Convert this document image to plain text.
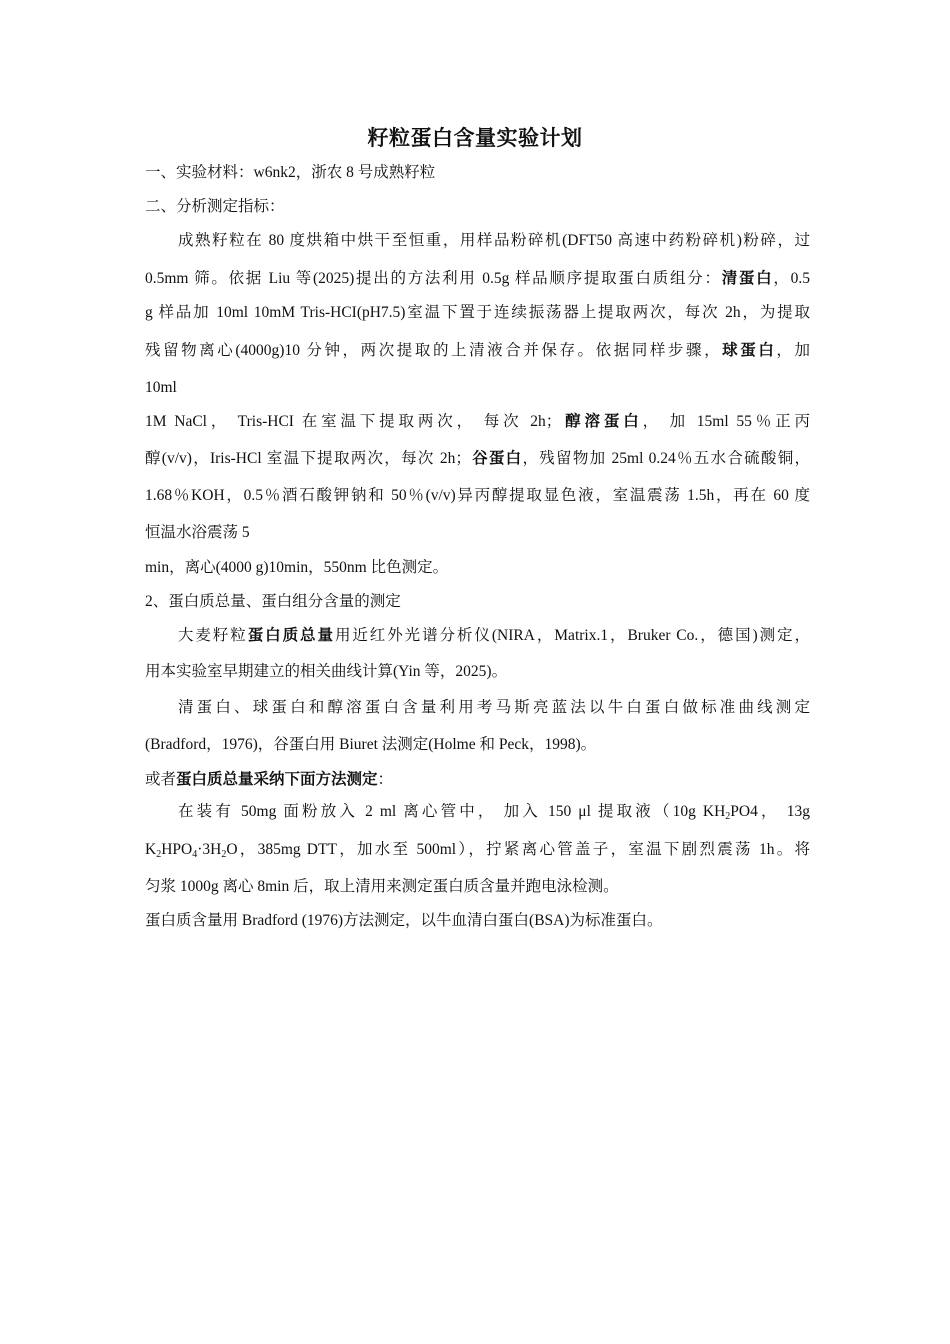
籽粒蛋白含量实验计划
一、实验材料：w6nk2，浙农 8 号成熟籽粒
二、分析测定指标：
成熟籽粒在 80 度烘箱中烘干至恒重，用样品粉碎机(DFT50 高速中药粉碎机)粉碎，过
0.5mm 筛。依据 Liu 等(2025)提出的方法利用 0.5g 样品顺序提取蛋白质组分：清蛋白，0.5
g 样品加 10ml 10mM Tris-HCI(pH7.5)室温下置于连续振荡器上提取两次，每次 2h，为提取
残留物离心(4000g)10 分钟，两次提取的上清液合并保存。依据同样步骤，球蛋白，加
10ml
1M NaCl， Tris-HCI 在室温下提取两次， 每次 2h；醇溶蛋白， 加 15ml 55％正丙
醇(v/v)，Iris-HCl 室温下提取两次，每次 2h；谷蛋白，残留物加 25ml 0.24％五水合硫酸铜，
1.68％KOH，0.5％酒石酸钾钠和 50％(v/v)异丙醇提取显色液，室温震荡 1.5h，再在 60 度
恒温水浴震荡 5
min，离心(4000 g)10min，550nm 比色测定。
2、蛋白质总量、蛋白组分含量的测定
大麦籽粒蛋白质总量用近红外光谱分析仪(NIRA，Matrix.1，Bruker Co.，德国)测定，
用本实验室早期建立的相关曲线计算(Yin 等，2025)。
清蛋白、球蛋白和醇溶蛋白含量利用考马斯亮蓝法以牛白蛋白做标准曲线测定
(Bradford，1976)，谷蛋白用 Biuret 法测定(Holme 和 Peck，1998)。
或者蛋白质总量采纳下面方法测定：
在装有 50mg 面粉放入 2 ml 离心管中， 加入 150 μl 提取液（10g $KH_2PO4$， 13g
$K_2HPO_4\cdot 3H_2O$，385mg DTT，加水至 500ml），拧紧离心管盖子，室温下剧烈震荡 1h。将
匀浆 1000g 离心 8min 后，取上清用来测定蛋白质含量并跑电泳检测。
蛋白质含量用 Bradford (1976)方法测定，以牛血清白蛋白(BSA)为标准蛋白。
